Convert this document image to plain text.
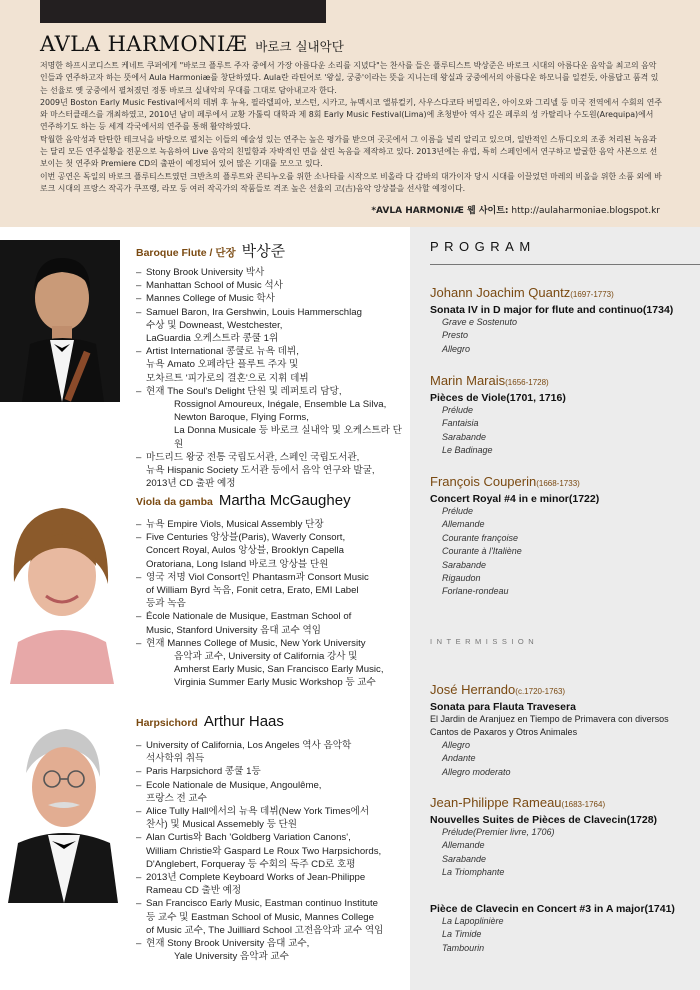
AVLA HARMONIÆ 바로크 실내악단

저명한 하프시코디스트 케네트 쿠퍼에게 "바로크 플루트 주자 중에서 가장 아름다운 소리를 지녔다"는 찬사를 들은 플루티스트 박상준은 바로크 시대의 아름다운 음악을 최고의 음악인들과 연주하고자 하는 뜻에서 Aula Harmoniæ를 창단하였다. Aula란 라틴어로 '왕실, 궁중'이라는 뜻을 지니는데 왕실과 궁중에서의 아름다운 하모니를 일컫듯, 아름답고 품격 있는 선율로 옛 궁중에서 펼쳐졌던 정통 바로크 실내악의 무대를 그대로 담아내고자 한다.

2009년 Boston Early Music Festival에서의 데뷔 후 뉴욕, 필라델피아, 보스턴, 시카고, 뉴멕시코 앨뷰컬키, 사우스다코타 버밀리온, 아이오와 그리넬 등 미국 전역에서 수회의 연주와 마스터클래스를 개최하였고, 2010년 남미 페루에서 교황 가톨릭 대학과 제 8회 Early Music Festival(Lima)에 초청받아 역사 깊은 페루의 성 카탈리나 수도원(Arequipa)에서 연주하기도 하는 등 세계 각국에서의 연주를 통해 활약하였다.

탁월한 음악성과 탄탄한 테크닉을 바탕으로 펼치는 이들의 예술성 있는 연주는 높은 평가를 받으며 곳곳에서 그 이름을 널리 알리고 있으며, 일반적인 스튜디오의 조종 처리된 녹음과는 달리 모든 연주실황을 전문으로 녹음하여 Live 음악의 친밀함과 자박적인 면을 살린 녹음을 제작하고 있다. 2013년에는 유럽, 특히 스페인에서 연구하고 발굴한 음악 사본으로 선보이는 첫 연주와 Premiere CD의 출판이 예정되어 있어 많은 기대를 모으고 있다.

이번 공연은 독일의 바로크 플루티스트였던 크반츠의 플루트와 콘티누오를 위한 소나타를 시작으로 비올라 다 감바의 대가이자 당시 시대를 이끌었던 마레의 비올을 위한 소품 외에 바로크 시대의 프랑스 작곡가 쿠프랭, 라모 등 여러 작곡가의 작품들로 격조 높은 선율의 고(古)음악 앙상블을 선사할 예정이다.

*AVLA HARMONIÆ 웹 사이트: http://aulaharmoniae.blogspot.kr
Baroque Flute / 단장 박상준
– Stony Brook University 박사
– Manhattan School of Music 석사
– Mannes College of Music 학사
– Samuel Baron, Ira Gershwin, Louis Hammerschlag
수상 및 Downeast, Westchester,
LaGuardia 오케스트라 콩쿨 1위
– Artist International 콩쿨로 뉴욕 데뷔,
뉴욕 Amato 오페라단 플루트 주자 및
모차르트 '피가로의 결혼'으로 지휘 데뷔
– 현재 The Soul's Delight 단원 및 레퍼토리 담당,
Rossignol Amoureux, Inégale, Ensemble La Silva,
Newton Baroque, Flying Forms,
La Donna Musicale 등 바로크 실내악 및 오케스트라 단원
– 마드리드 왕궁 전통 국립도서관, 스페인 국립도서관,
뉴욕 Hispanic Society 도서관 등에서 음악 연구와 발굴,
2013년 CD 출판 예정
Viola da gamba Martha McGaughey
– 뉴욕 Empire Viols, Musical Assembly 단장
– Five Centuries 앙상블(Paris), Waverly Consort,
Concert Royal, Aulos 앙상블, Brooklyn Capella
Oratoriana, Long Island 바로크 앙상블 단원
– 영국 저명 Viol Consort인 Phantasm과 Consort Music
of William Byrd 녹음, Fonit cetra, Erato, EMI Label
등과 녹음
– École Nationale de Musique, Eastman School of
Music, Stanford University 음대 교수 역임
– 현재 Mannes College of Music, New York University
음악과 교수, University of California 강사 및
Amherst Early Music, San Francisco Early Music,
Virginia Summer Early Music Workshop 등 교수
Harpsichord Arthur Haas
– University of California, Los Angeles 역사 음악학
석사학위 취득
– Paris Harpsichord 콩쿨 1등
– Ecole Nationale de Musique, Angoulême,
프랑스 전 교수
– Alice Tully Hall에서의 뉴욕 데뷔(New York Times에서
찬사) 및 Musical Assemebly 등 단원
– Alan Curtis와 Bach 'Goldberg Variation Canons',
William Christie와 Gaspard Le Roux Two Harpsichords,
D'Anglebert, Forqueray 등 수회의 독주 CD로 호평
– 2013년 Complete Keyboard Works of Jean-Philippe
Rameau CD 출반 예정
– San Francisco Early Music, Eastman continuo Institute
등 교수 및 Eastman School of Music, Mannes College
of Music 교수, The Juilliard School 고전음악과 교수 역임
– 현재 Stony Brook University 음대 교수,
Yale University 음악과 교수
PROGRAM
Johann Joachim Quantz(1697-1773)
Sonata IV in D major for flute and continuo(1734)
Grave e Sostenuto
Presto
Allegro
Marin Marais(1656-1728)
Pièces de Viole(1701, 1716)
Prélude
Fantaisia
Sarabande
Le Badinage
François Couperin(1668-1733)
Concert Royal #4 in e minor(1722)
Prélude
Allemande
Courante françoise
Courante à l'Italiène
Sarabande
Rigaudon
Forlane-rondeau
INTERMISSION
José Herrando(c.1720-1763)
Sonata para Flauta Travesera
El Jardin de Aranjuez en Tiempo de Primavera con diversos Cantos de Paxaros y Otros Animales
Allegro
Andante
Allegro moderato
Jean-Philippe Rameau(1683-1764)
Nouvelles Suites de Pièces de Clavecin(1728)
Prélude(Premier livre, 1706)
Allemande
Sarabande
La Triomphante
Pièce de Clavecin en Concert #3 in A major(1741)
La Lapoplinière
La Timide
Tambourin
